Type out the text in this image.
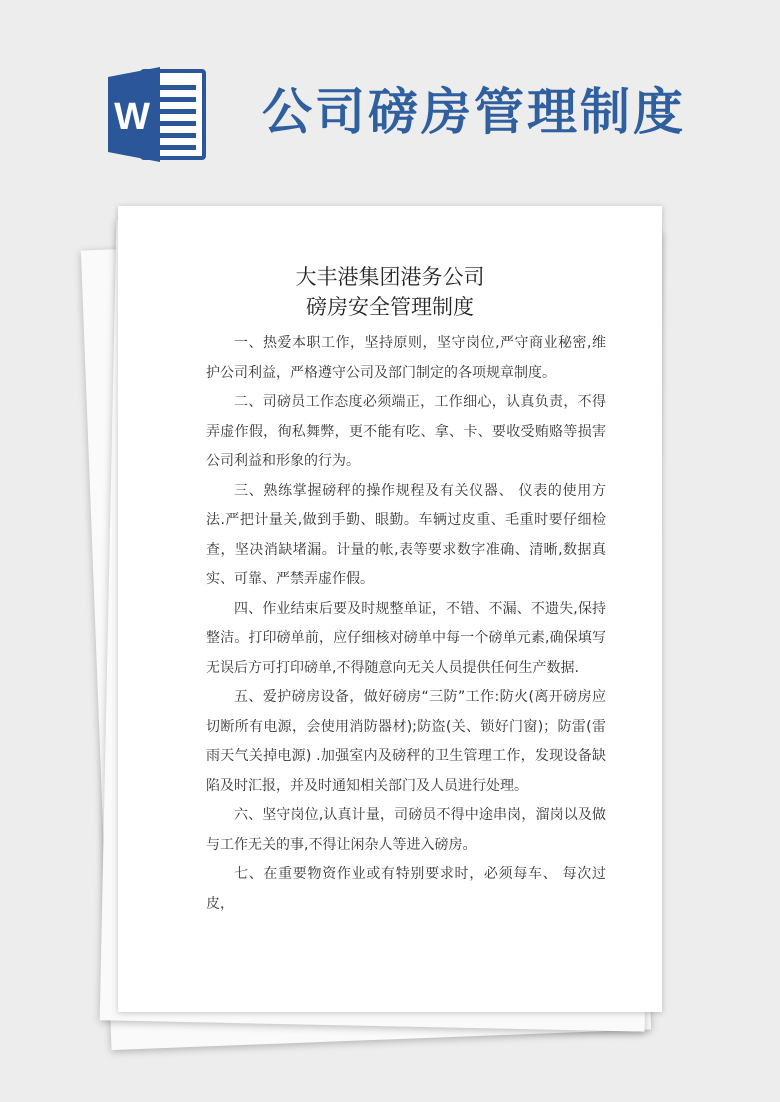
W 公司磅房管理制度
大丰港集团港务公司
磅房安全管理制度

一、热爱本职工作，坚持原则，坚守岗位,严守商业秘密,维护公司利益，严格遵守公司及部门制定的各项规章制度。

二、司磅员工作态度必须端正，工作细心，认真负责，不得弄虚作假，徇私舞弊，更不能有吃、拿、卡、要收受贿赂等损害公司利益和形象的行为。

三、熟练掌握磅秤的操作规程及有关仪器、 仪表的使用方法.严把计量关,做到手勤、眼勤。车辆过皮重、毛重时要仔细检查，坚决消缺堵漏。计量的帐,表等要求数字准确、清晰,数据真实、可靠、严禁弄虚作假。

四、作业结束后要及时规整单证，不错、不漏、不遗失,保持整洁。打印磅单前，应仔细核对磅单中每一个磅单元素,确保填写无误后方可打印磅单,不得随意向无关人员提供任何生产数据.

五、爱护磅房设备，做好磅房“三防”工作:防火(离开磅房应切断所有电源，会使用消防器材);防盗(关、锁好门窗)；防雷(雷 雨天气关掉电源) .加强室内及磅秤的卫生管理工作，发现设备缺陷及时汇报，并及时通知相关部门及人员进行处理。

六、坚守岗位,认真计量，司磅员不得中途串岗，溜岗以及做与工作无关的事,不得让闲杂人等进入磅房。

七、在重要物资作业或有特别要求时，必须每车、 每次过皮，
